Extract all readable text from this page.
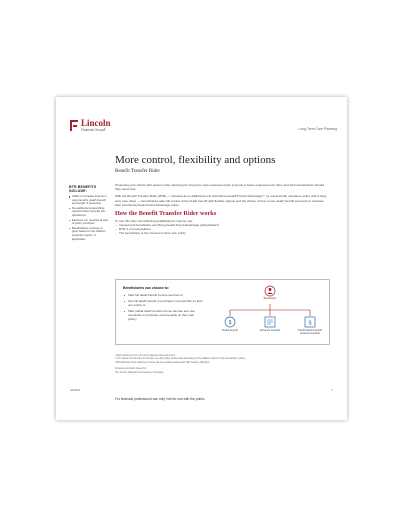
Lincoln
Financial Group®	Long-Term Care Planning
More control, flexibility and options
Benefit Transfer Rider
BTR BENEFITS INCLUDE:
Ability to increase long-term care benefits, death benefit and length of protection
No additional underwriting required when benefits are transferred
Elections not required at time of policy purchase
Beneficiaries continue to grow based on the inflation protection option, if applicable¹

Protecting your clients with options when planning for long-term care expenses helps promote a better experience for them and their beneficiaries should they need care.

With the Benefit Transfer Rider (BTR) — included at no additional cost with MoneyGuard® Fixed Advantage℠ (a universal life insurance policy with a long-term care rider) — beneficiaries gain full control of the death benefit with flexible options and the choice of how to use death benefit proceeds to enhance their own MoneyGuard Fixed Advantage policy.

How the Benefit Transfer Rider works
To use this rider, the following qualifications must be met:
– Insured and beneficiary are MoneyGuard Fixed Advantage policyholders²
– BTR is on both policies
– The beneficiary is the insured on their own policy
Beneficiaries can choose to:
Take full death benefit income tax-free³ or
Use full death benefit to purchase more benefits on their own policy or
Take partial death benefit income tax-free and use remainder to purchase more benefits on their own policy³
$	$
Beneficiary
Death benefit	Enhance benefits	Partial death benefit/ enhance benefits

¹ Both policies do not need to be issued at the same time.

² LTC values will continue to increase on each policy anniversary according to the inflation option on the beneficiary's policy.

³ Beneficiaries must submit an income tax-free death benefit under IRC Section 101(a)(1).

Insurance products issued by:

The Lincoln National Life Insurance Company

4/6/2022
For financial professional use only. Not for use with the public.
1
